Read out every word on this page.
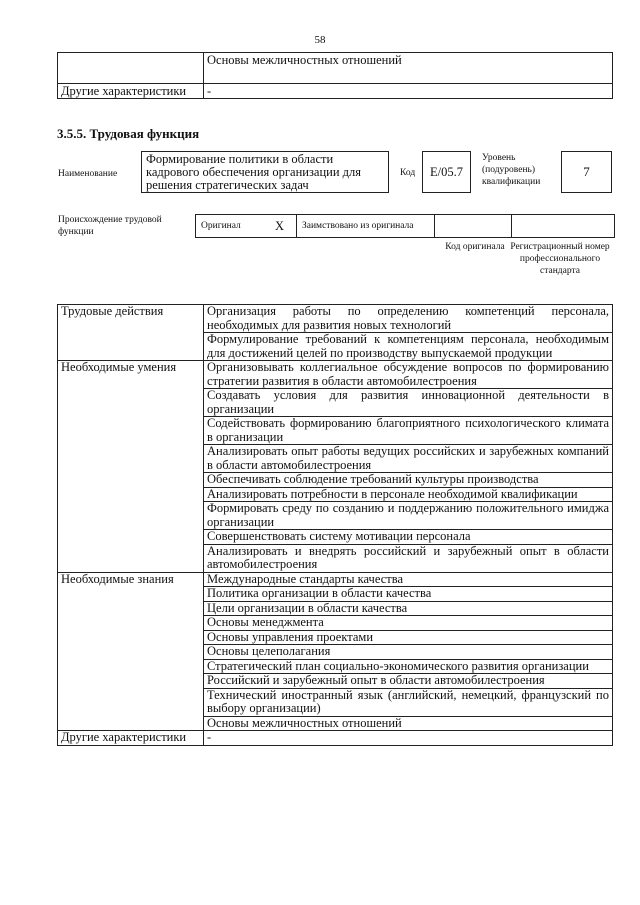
58
	Основы межличностных отношений
Другие характеристики	-
3.5.5. Трудовая функция
Наименование
Формирование политики в области кадрового обеспечения организации для решения стратегических задач
Код	E/05.7
Уровень (подуровень) квалификации
7
Происхождение трудовой функции
Оригинал	X	Заимствовано из оригинала		
Код оригинала Регистрационный номер профессионального стандарта
Трудовые действия	Организация работы по определению компетенций персонала, необходимых для развития новых технологий
	Формулирование требований к компетенциям персонала, необходимым для достижений целей по производству выпускаемой продукции
Необходимые умения	Организовывать коллегиальное обсуждение вопросов по формированию стратегии развития в области автомобилестроения
	Создавать условия для развития инновационной деятельности в организации
	Содействовать формированию благоприятного психологического климата в организации
	Анализировать опыт работы ведущих российских и зарубежных компаний в области автомобилестроения
	Обеспечивать соблюдение требований культуры производства
	Анализировать потребности в персонале необходимой квалификации
	Формировать среду по созданию и поддержанию положительного имиджа организации
	Совершенствовать систему мотивации персонала
	Анализировать и внедрять российский и зарубежный опыт в области автомобилестроения
Необходимые знания	Международные стандарты качества
	Политика организации в области качества
	Цели организации в области качества
	Основы менеджмента
	Основы управления проектами
	Основы целеполагания
	Стратегический план социально-экономического развития организации
	Российский и зарубежный опыт в области автомобилестроения
	Технический иностранный язык (английский, немецкий, французский по выбору организации)
	Основы межличностных отношений
Другие характеристики	-
